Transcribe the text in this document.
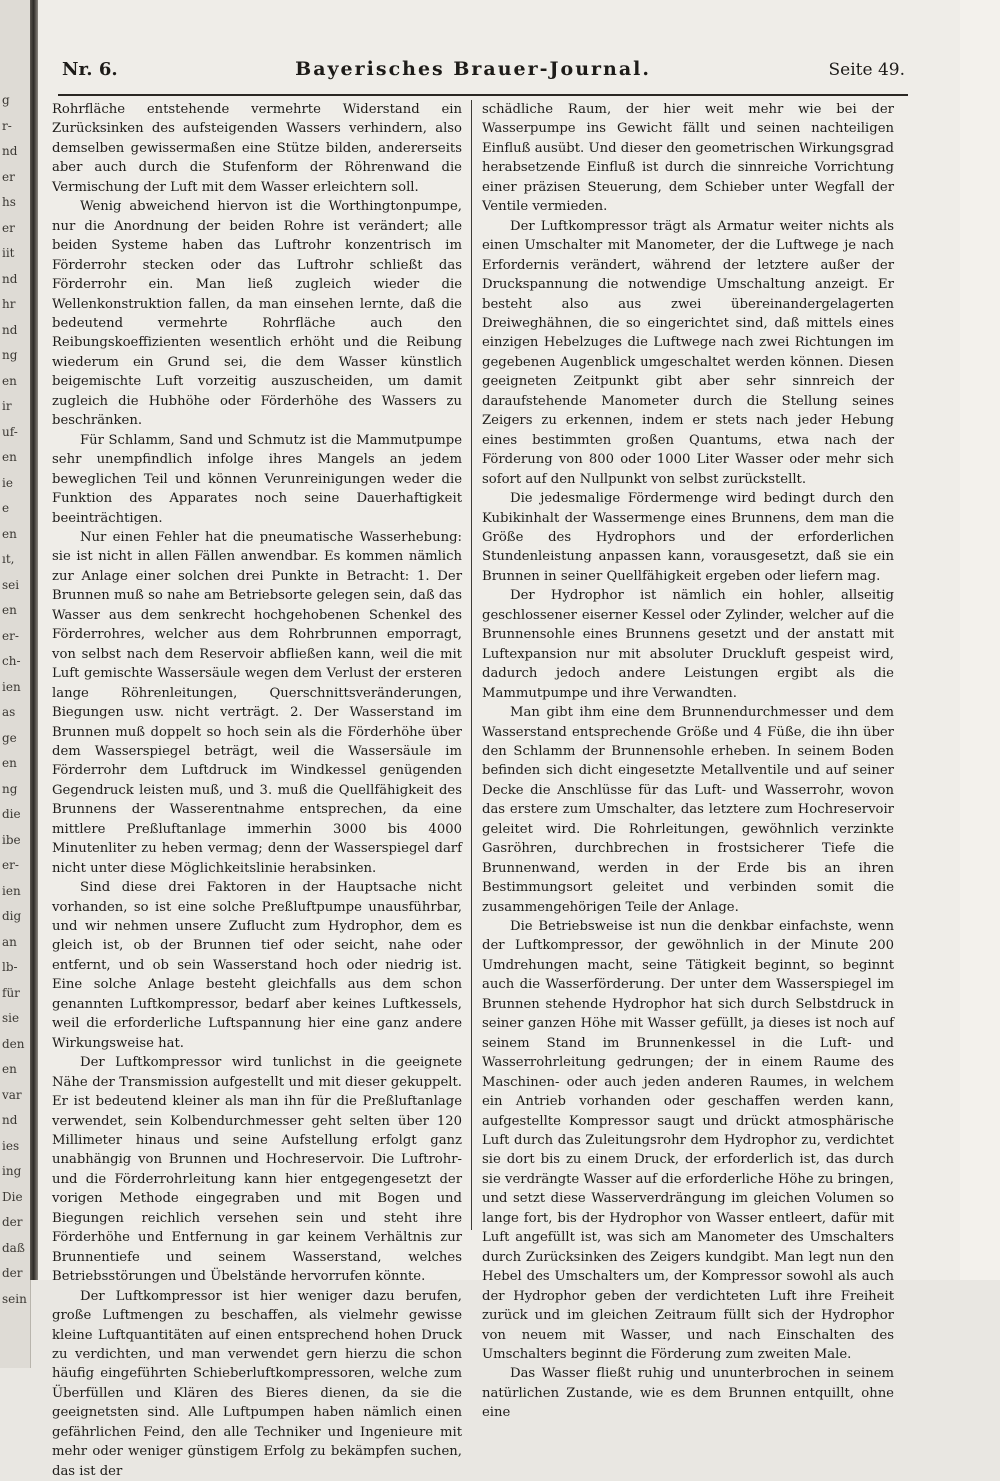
g
r-
nd
er
hs
er
iit
nd
hr
nd
ng
en
ir
uf-
en
ie
e
en
ıt,
sei
en
er-
ch-
ien
as
ge
en
ng
die
ibe
er-
ien
dig
an
lb-
für
sie
den
en
var
nd
ies
ing
Die
der
daß
der
sein
Nr. 6.	Bayerisches Brauer-Journal.	Seite 49.

Rohrfläche entstehende vermehrte Widerstand ein Zurücksinken des aufsteigenden Wassers verhindern, also demselben gewissermaßen eine Stütze bilden, andererseits aber auch durch die Stufenform der Röhrenwand die Vermischung der Luft mit dem Wasser erleichtern soll.

Wenig abweichend hiervon ist die Worthingtonpumpe, nur die Anordnung der beiden Rohre ist verändert; alle beiden Systeme haben das Luftrohr konzentrisch im Förderrohr stecken oder das Luftrohr schließt das Förderrohr ein. Man ließ zugleich wieder die Wellenkonstruktion fallen, da man einsehen lernte, daß die bedeutend vermehrte Rohrfläche auch den Reibungskoeffizienten wesentlich erhöht und die Reibung wiederum ein Grund sei, die dem Wasser künstlich beigemischte Luft vorzeitig auszuscheiden, um damit zugleich die Hubhöhe oder Förderhöhe des Wassers zu beschränken.

Für Schlamm, Sand und Schmutz ist die Mammutpumpe sehr unempfindlich infolge ihres Mangels an jedem beweglichen Teil und können Verunreinigungen weder die Funktion des Apparates noch seine Dauerhaftigkeit beeinträchtigen.

Nur einen Fehler hat die pneumatische Wasserhebung: sie ist nicht in allen Fällen anwendbar. Es kommen nämlich zur Anlage einer solchen drei Punkte in Betracht: 1. Der Brunnen muß so nahe am Betriebsorte gelegen sein, daß das Wasser aus dem senkrecht hochgehobenen Schenkel des Förderrohres, welcher aus dem Rohrbrunnen emporragt, von selbst nach dem Reservoir abfließen kann, weil die mit Luft gemischte Wassersäule wegen dem Verlust der ersteren lange Röhrenleitungen, Querschnittsveränderungen, Biegungen usw. nicht verträgt. 2. Der Wasserstand im Brunnen muß doppelt so hoch sein als die Förderhöhe über dem Wasserspiegel beträgt, weil die Wassersäule im Förderrohr dem Luftdruck im Windkessel genügenden Gegendruck leisten muß, und 3. muß die Quellfähigkeit des Brunnens der Wasserentnahme entsprechen, da eine mittlere Preßluftanlage immerhin 3000 bis 4000 Minutenliter zu heben vermag; denn der Wasserspiegel darf nicht unter diese Möglichkeitslinie herabsinken.

Sind diese drei Faktoren in der Hauptsache nicht vorhanden, so ist eine solche Preßluftpumpe unausführbar, und wir nehmen unsere Zuflucht zum Hydrophor, dem es gleich ist, ob der Brunnen tief oder seicht, nahe oder entfernt, und ob sein Wasserstand hoch oder niedrig ist. Eine solche Anlage besteht gleichfalls aus dem schon genannten Luftkompressor, bedarf aber keines Luftkessels, weil die erforderliche Luftspannung hier eine ganz andere Wirkungsweise hat.

Der Luftkompressor wird tunlichst in die geeignete Nähe der Transmission aufgestellt und mit dieser gekuppelt. Er ist bedeutend kleiner als man ihn für die Preßluftanlage verwendet, sein Kolbendurchmesser geht selten über 120 Millimeter hinaus und seine Aufstellung erfolgt ganz unabhängig von Brunnen und Hochreservoir. Die Luftrohr- und die Förderrohrleitung kann hier entgegengesetzt der vorigen Methode eingegraben und mit Bogen und Biegungen reichlich versehen sein und steht ihre Förderhöhe und Entfernung in gar keinem Verhältnis zur Brunnentiefe und seinem Wasserstand, welches Betriebsstörungen und Übelstände hervorrufen könnte.

Der Luftkompressor ist hier weniger dazu berufen, große Luftmengen zu beschaffen, als vielmehr gewisse kleine Luftquantitäten auf einen entsprechend hohen Druck zu verdichten, und man verwendet gern hierzu die schon häufig eingeführten Schieberluftkompressoren, welche zum Überfüllen und Klären des Bieres dienen, da sie die geeignetsten sind. Alle Luftpumpen haben nämlich einen gefährlichen Feind, den alle Techniker und Ingenieure mit mehr oder weniger günstigem Erfolg zu bekämpfen suchen, das ist der

schädliche Raum, der hier weit mehr wie bei der Wasserpumpe ins Gewicht fällt und seinen nachteiligen Einfluß ausübt. Und dieser den geometrischen Wirkungsgrad herabsetzende Einfluß ist durch die sinnreiche Vorrichtung einer präzisen Steuerung, dem Schieber unter Wegfall der Ventile vermieden.

Der Luftkompressor trägt als Armatur weiter nichts als einen Umschalter mit Manometer, der die Luftwege je nach Erfordernis verändert, während der letztere außer der Druckspannung die notwendige Umschaltung anzeigt. Er besteht also aus zwei übereinandergelagerten Dreiweghähnen, die so eingerichtet sind, daß mittels eines einzigen Hebelzuges die Luftwege nach zwei Richtungen im gegebenen Augenblick umgeschaltet werden können. Diesen geeigneten Zeitpunkt gibt aber sehr sinnreich der daraufstehende Manometer durch die Stellung seines Zeigers zu erkennen, indem er stets nach jeder Hebung eines bestimmten großen Quantums, etwa nach der Förderung von 800 oder 1000 Liter Wasser oder mehr sich sofort auf den Nullpunkt von selbst zurückstellt.

Die jedesmalige Fördermenge wird bedingt durch den Kubikinhalt der Wassermenge eines Brunnens, dem man die Größe des Hydrophors und der erforderlichen Stundenleistung anpassen kann, vorausgesetzt, daß sie ein Brunnen in seiner Quellfähigkeit ergeben oder liefern mag.

Der Hydrophor ist nämlich ein hohler, allseitig geschlossener eiserner Kessel oder Zylinder, welcher auf die Brunnensohle eines Brunnens gesetzt und der anstatt mit Luftexpansion nur mit absoluter Druckluft gespeist wird, dadurch jedoch andere Leistungen ergibt als die Mammutpumpe und ihre Verwandten.

Man gibt ihm eine dem Brunnendurchmesser und dem Wasserstand entsprechende Größe und 4 Füße, die ihn über den Schlamm der Brunnensohle erheben. In seinem Boden befinden sich dicht eingesetzte Metallventile und auf seiner Decke die Anschlüsse für das Luft- und Wasserrohr, wovon das erstere zum Umschalter, das letztere zum Hochreservoir geleitet wird. Die Rohrleitungen, gewöhnlich verzinkte Gasröhren, durchbrechen in frostsicherer Tiefe die Brunnenwand, werden in der Erde bis an ihren Bestimmungsort geleitet und verbinden somit die zusammengehörigen Teile der Anlage.

Die Betriebsweise ist nun die denkbar einfachste, wenn der Luftkompressor, der gewöhnlich in der Minute 200 Umdrehungen macht, seine Tätigkeit beginnt, so beginnt auch die Wasserförderung. Der unter dem Wasserspiegel im Brunnen stehende Hydrophor hat sich durch Selbstdruck in seiner ganzen Höhe mit Wasser gefüllt, ja dieses ist noch auf seinem Stand im Brunnenkessel in die Luft- und Wasserrohrleitung gedrungen; der in einem Raume des Maschinen- oder auch jeden anderen Raumes, in welchem ein Antrieb vorhanden oder geschaffen werden kann, aufgestellte Kompressor saugt und drückt atmosphärische Luft durch das Zuleitungsrohr dem Hydrophor zu, verdichtet sie dort bis zu einem Druck, der erforderlich ist, das durch sie verdrängte Wasser auf die erforderliche Höhe zu bringen, und setzt diese Wasserverdrängung im gleichen Volumen so lange fort, bis der Hydrophor von Wasser entleert, dafür mit Luft angefüllt ist, was sich am Manometer des Umschalters durch Zurücksinken des Zeigers kundgibt. Man legt nun den Hebel des Umschalters um, der Kompressor sowohl als auch der Hydrophor geben der verdichteten Luft ihre Freiheit zurück und im gleichen Zeitraum füllt sich der Hydrophor von neuem mit Wasser, und nach Einschalten des Umschalters beginnt die Förderung zum zweiten Male.

Das Wasser fließt ruhig und ununterbrochen in seinem natürlichen Zustande, wie es dem Brunnen entquillt, ohne eine
